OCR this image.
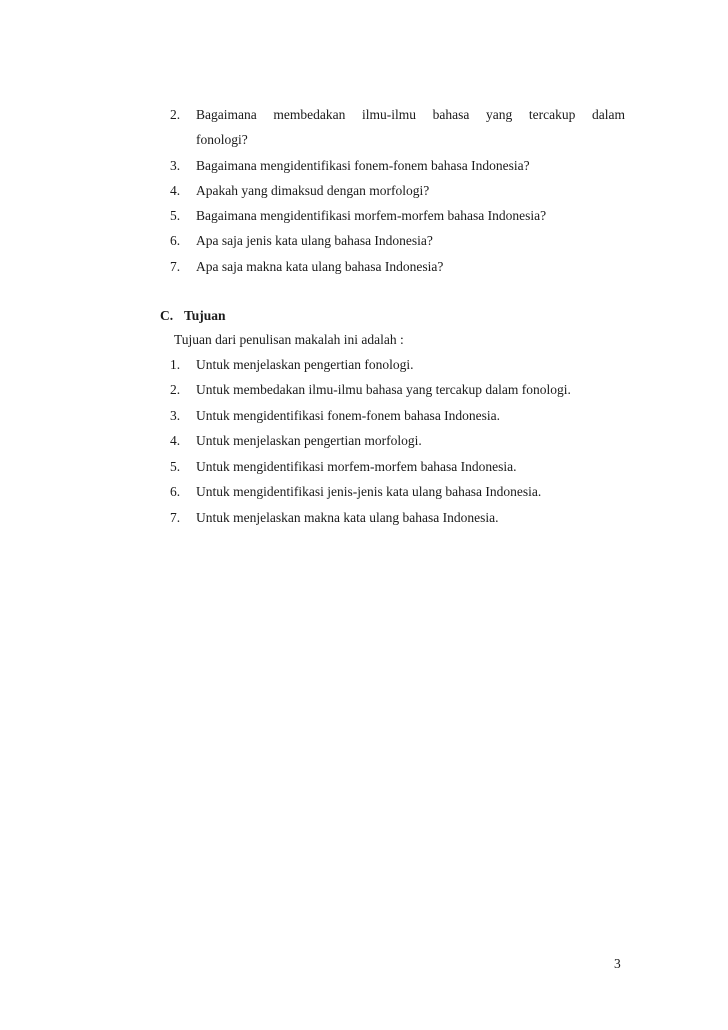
2.	Bagaimana membedakan ilmu-ilmu bahasa yang tercakup dalam
fonologi?
3.	Bagaimana mengidentifikasi fonem-fonem bahasa Indonesia?
4.	Apakah yang dimaksud dengan morfologi?
5.	Bagaimana mengidentifikasi morfem-morfem bahasa Indonesia?
6.	Apa saja jenis kata ulang bahasa Indonesia?
7.	Apa saja makna kata ulang bahasa Indonesia?
C. Tujuan
Tujuan dari penulisan makalah ini adalah :
1.	Untuk menjelaskan pengertian fonologi.
2.	Untuk membedakan ilmu-ilmu bahasa yang tercakup dalam fonologi.
3.	Untuk mengidentifikasi fonem-fonem bahasa Indonesia.
4.	Untuk menjelaskan pengertian morfologi.
5.	Untuk mengidentifikasi morfem-morfem bahasa Indonesia.
6.	Untuk mengidentifikasi jenis-jenis kata ulang bahasa Indonesia.
7.	Untuk menjelaskan makna kata ulang bahasa Indonesia.
3
